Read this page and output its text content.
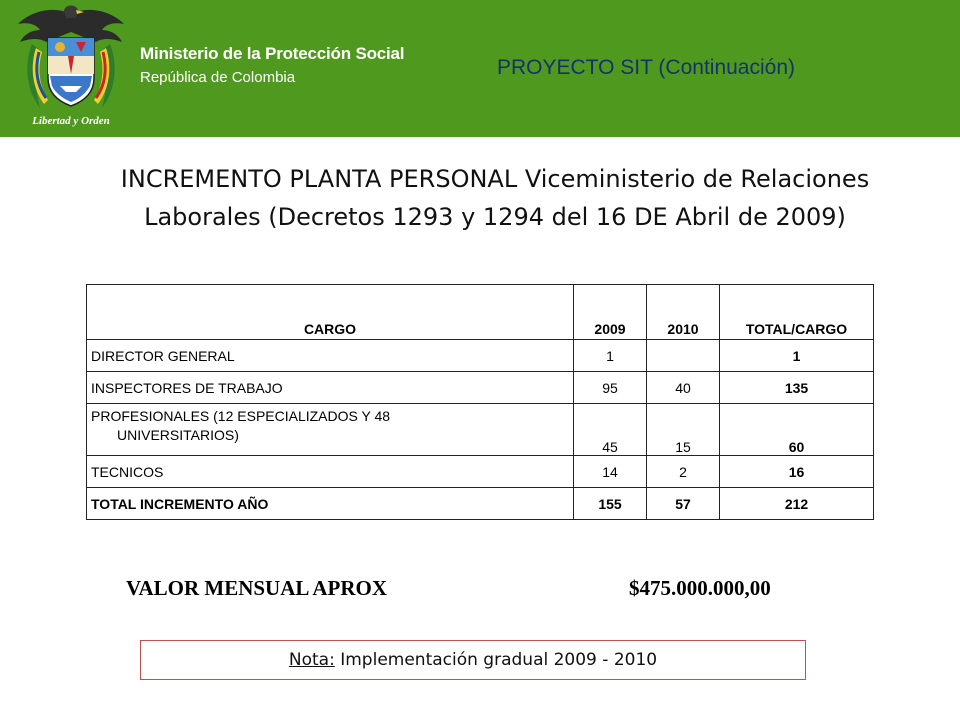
Libertad y Orden
Ministerio de la Protección Social
República de Colombia	PROYECTO SIT (Continuación)
INCREMENTO PLANTA PERSONAL Viceministerio de Relaciones Laborales (Decretos 1293 y 1294 del 16 DE Abril de 2009)
CARGO	2009	2010	TOTAL/CARGO
DIRECTOR GENERAL	1		1
INSPECTORES DE TRABAJO	95	40	135
PROFESIONALES (12 ESPECIALIZADOS Y 48
UNIVERSITARIOS)	45	15	60
TECNICOS	14	2	16
TOTAL INCREMENTO AÑO	155	57	212
VALOR MENSUAL APROX	$475.000.000,00
Nota: Implementación gradual 2009 - 2010
